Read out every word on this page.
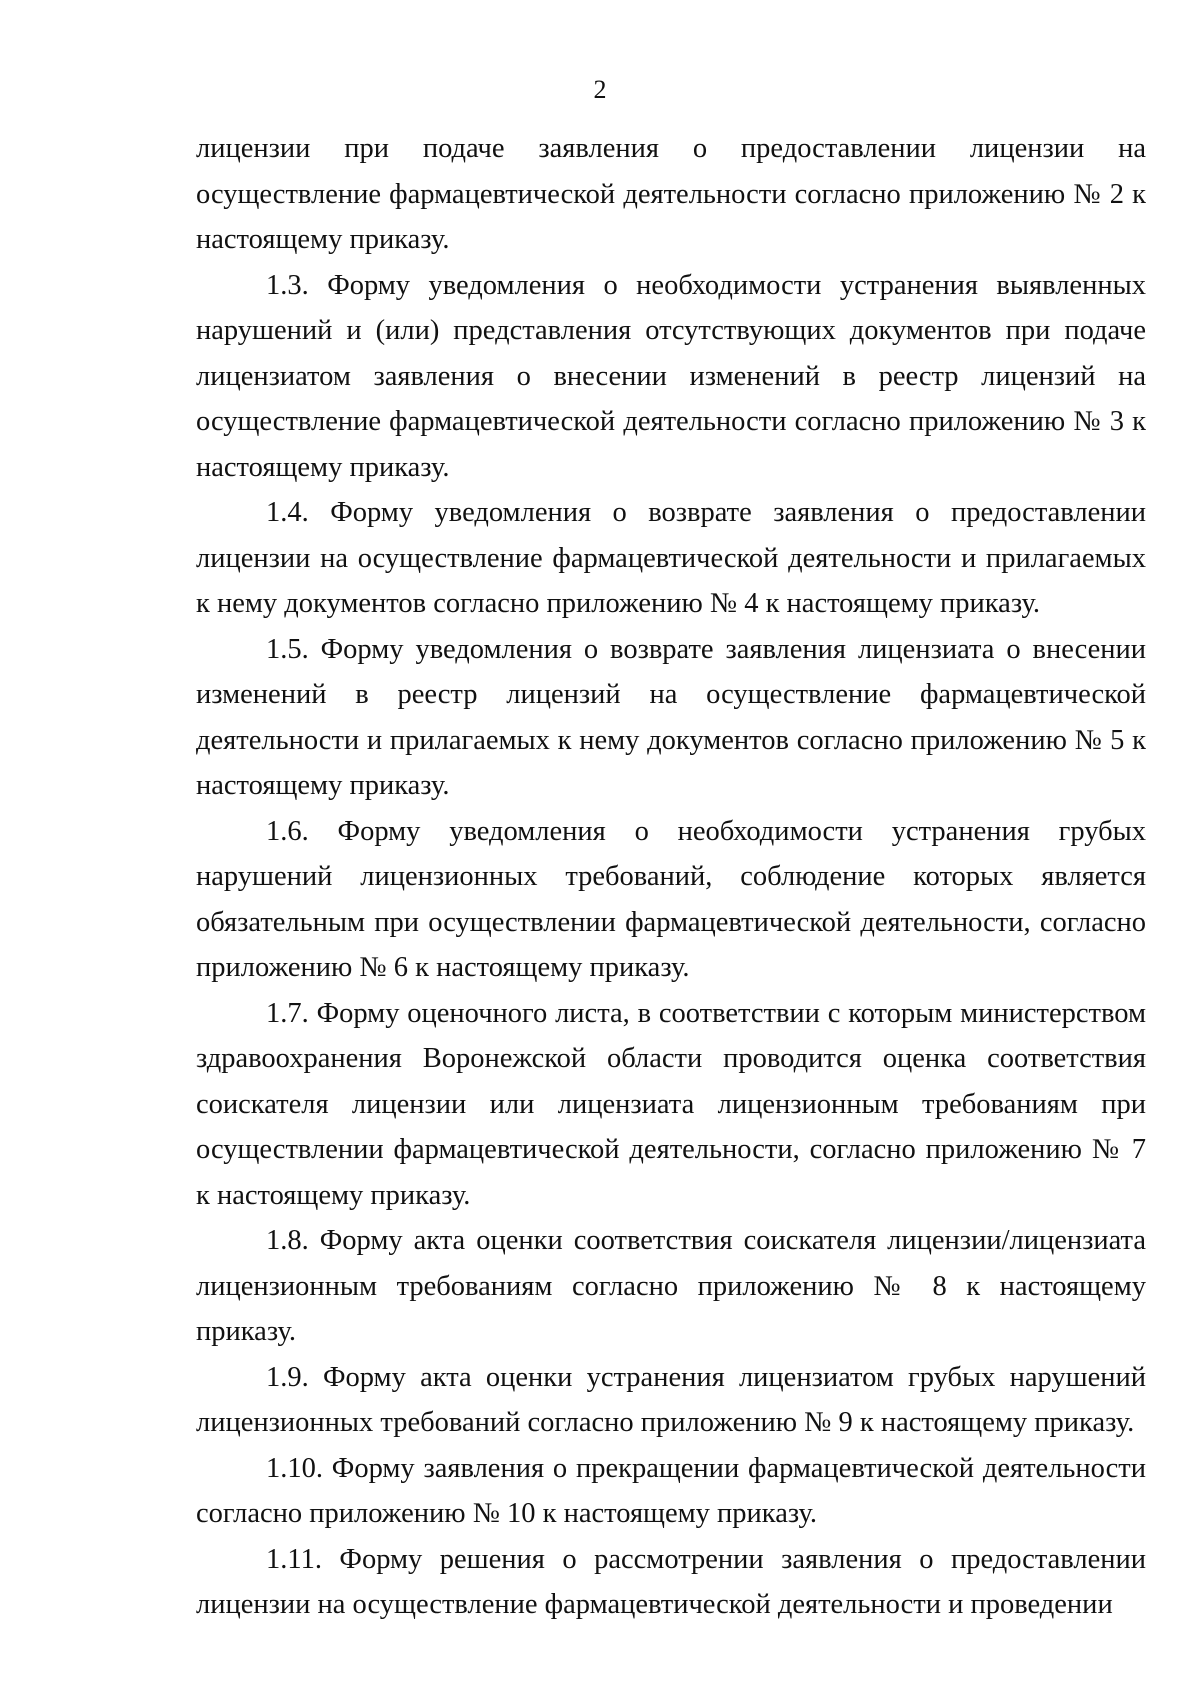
2

лицензии при подаче заявления о предоставлении лицензии на осуществление фармацевтической деятельности согласно приложению № 2 к настоящему приказу.

1.3. Форму уведомления о необходимости устранения выявленных нарушений и (или) представления отсутствующих документов при подаче лицензиатом заявления о внесении изменений в реестр лицензий на осуществление фармацевтической деятельности согласно приложению № 3 к настоящему приказу.

1.4. Форму уведомления о возврате заявления о предоставлении лицензии на осуществление фармацевтической деятельности и прилагаемых к нему документов согласно приложению № 4 к настоящему приказу.

1.5. Форму уведомления о возврате заявления лицензиата о внесении изменений в реестр лицензий на осуществление фармацевтической деятельности и прилагаемых к нему документов согласно приложению № 5 к настоящему приказу.

1.6. Форму уведомления о необходимости устранения грубых нарушений лицензионных требований, соблюдение которых является обязательным при осуществлении фармацевтической деятельности, согласно приложению № 6 к настоящему приказу.

1.7. Форму оценочного листа, в соответствии с которым министерством здравоохранения Воронежской области проводится оценка соответствия соискателя лицензии или лицензиата лицензионным требованиям при осуществлении фармацевтической деятельности, согласно приложению № 7 к настоящему приказу.

1.8. Форму акта оценки соответствия соискателя лицензии/лицензиата лицензионным требованиям согласно приложению № 8 к настоящему приказу.

1.9. Форму акта оценки устранения лицензиатом грубых нарушений лицензионных требований согласно приложению № 9 к настоящему приказу.

1.10. Форму заявления о прекращении фармацевтической деятельности согласно приложению № 10 к настоящему приказу.

1.11. Форму решения о рассмотрении заявления о предоставлении лицензии на осуществление фармацевтической деятельности и проведении
